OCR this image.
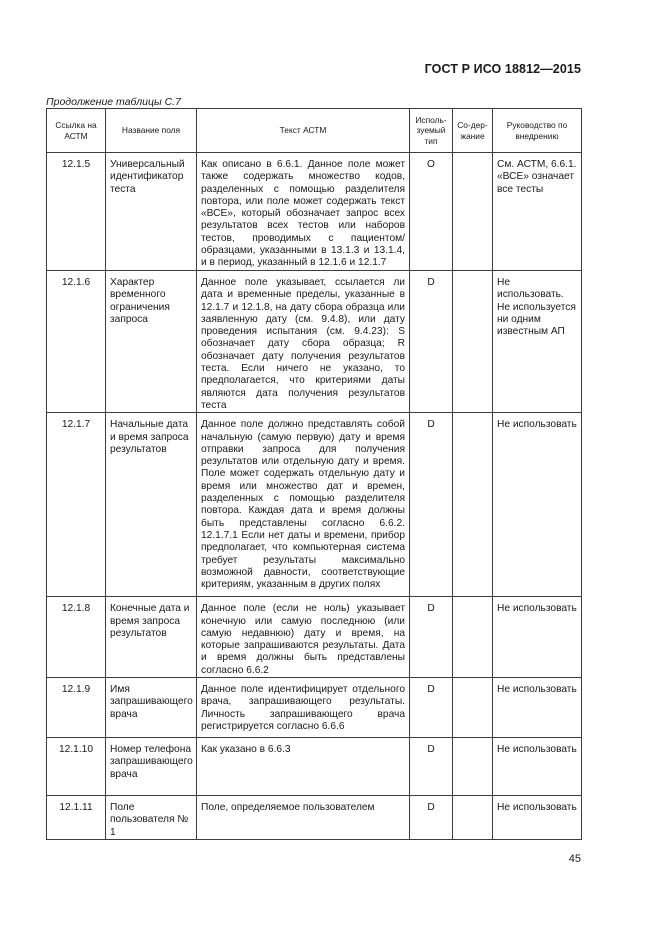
ГОСТ Р ИСО 18812—2015
Продолжение таблицы С.7
Ссылка на АСТМ	Название поля	Текст АСТМ	Исполь-зуемый тип	Со-дер-жание	Руководство по внедрению

12.1.5	Универсальный идентификатор теста	Как описано в 6.6.1. Данное поле может также содержать множество кодов, разделенных с помощью разделителя повтора, или поле может содержать текст «ВСЕ», который обозначает запрос всех результатов всех тестов или наборов тестов, проводимых с пациентом/образцами, указанными в 13.1.3 и 13.1.4, и в период, указанный в 12.1.6 и 12.1.7	О		См. АСТМ, 6.6.1. «ВСЕ» означает все тесты

12.1.6	Характер временного ограничения запроса	Данное поле указывает, ссылается ли дата и временные пределы, указанные в 12.1.7 и 12.1.8, на дату сбора образца или заявленную дату (см. 9.4.8), или дату проведения испытания (см. 9.4.23): S обозначает дату сбора образца; R обозначает дату получения результатов теста. Если ничего не указано, то предполагается, что критериями даты являются дата получения результатов теста	D		Не использовать. Не используется ни одним известным АП

12.1.7	Начальные дата и время запроса результатов	Данное поле должно представлять собой начальную (самую первую) дату и время отправки запроса для получения результатов или отдельную дату и время. Поле может содержать отдельную дату и время или множество дат и времен, разделенных с помощью разделителя повтора. Каждая дата и время должны быть представлены согласно 6.6.2. 12.1.7.1 Если нет даты и времени, прибор предполагает, что компьютерная система требует результаты максимально возможной давности, соответствующие критериям, указанным в других полях	D		Не использовать

12.1.8	Конечные дата и время запроса результатов	Данное поле (если не ноль) указывает конечную или самую последнюю (или самую недавнюю) дату и время, на которые запрашиваются результаты. Дата и время должны быть представлены согласно 6.6.2	D		Не использовать

12.1.9	Имя запрашивающего врача	Данное поле идентифицирует отдельного врача, запрашивающего результаты. Личность запрашивающего врача регистрируется согласно 6.6.6	D		Не использовать

12.1.10	Номер телефона запрашивающего врача	Как указано в 6.6.3	D		Не использовать

12.1.11	Поле пользователя № 1	Поле, определяемое пользователем	D		Не использовать
45
